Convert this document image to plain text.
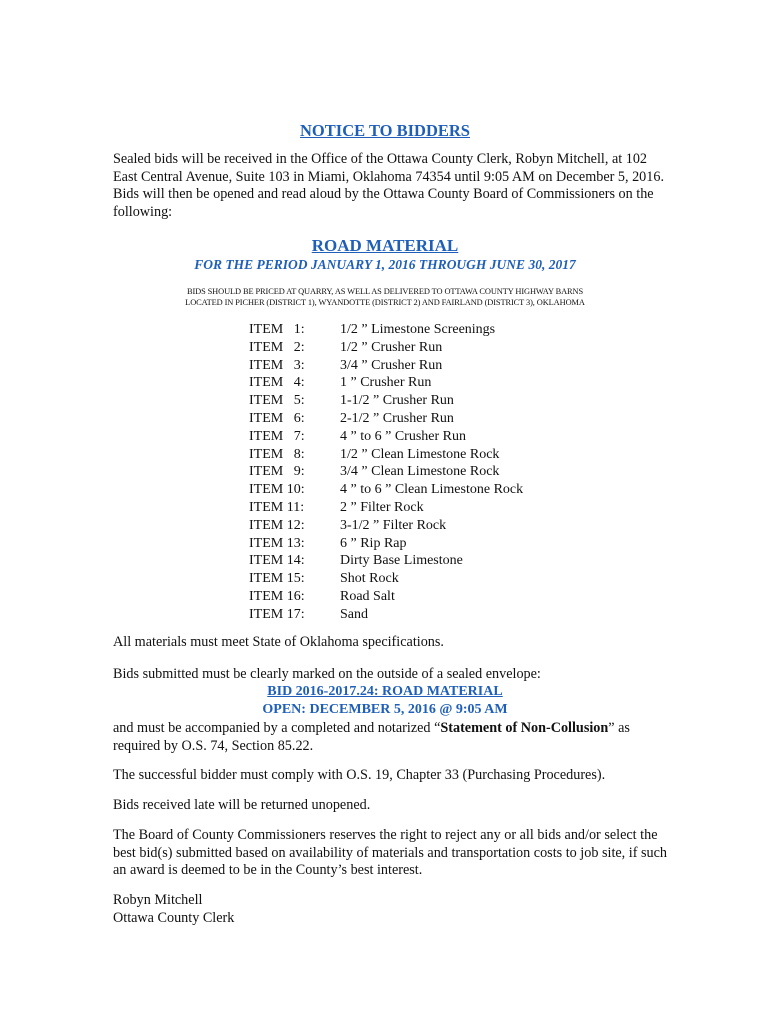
NOTICE TO BIDDERS
Sealed bids will be received in the Office of the Ottawa County Clerk, Robyn Mitchell, at 102 East Central Avenue, Suite 103 in Miami, Oklahoma 74354 until 9:05 AM on December 5, 2016. Bids will then be opened and read aloud by the Ottawa County Board of Commissioners on the following:
ROAD MATERIAL
FOR THE PERIOD JANUARY 1, 2016 THROUGH JUNE 30, 2017
BIDS SHOULD BE PRICED AT QUARRY, AS WELL AS DELIVERED TO OTTAWA COUNTY HIGHWAY BARNS
LOCATED IN PICHER (DISTRICT 1), WYANDOTTE (DISTRICT 2) AND FAIRLAND (DISTRICT 3), OKLAHOMA
ITEM   1:	1/2 ” Limestone Screenings
ITEM   2:	1/2 ” Crusher Run
ITEM   3:	3/4 ” Crusher Run
ITEM   4:	1 ” Crusher Run
ITEM   5:	1-1/2 ” Crusher Run
ITEM   6:	2-1/2 ” Crusher Run
ITEM   7:	4 ” to 6 ” Crusher Run
ITEM   8:	1/2 ” Clean Limestone Rock
ITEM   9:	3/4 ” Clean Limestone Rock
ITEM 10:	4 ” to 6 ” Clean Limestone Rock
ITEM 11:	2 ” Filter Rock
ITEM 12:	3-1/2 ” Filter Rock
ITEM 13:	6 ” Rip Rap
ITEM 14:	Dirty Base Limestone
ITEM 15:	Shot Rock
ITEM 16:	Road Salt
ITEM 17:	Sand
All materials must meet State of Oklahoma specifications.
Bids submitted must be clearly marked on the outside of a sealed envelope:
BID 2016-2017.24: ROAD MATERIAL
OPEN: DECEMBER 5, 2016 @ 9:05 AM
and must be accompanied by a completed and notarized “Statement of Non-Collusion” as required by O.S. 74, Section 85.22.
The successful bidder must comply with O.S. 19, Chapter 33 (Purchasing Procedures).
Bids received late will be returned unopened.
The Board of County Commissioners reserves the right to reject any or all bids and/or select the best bid(s) submitted based on availability of materials and transportation costs to job site, if such an award is deemed to be in the County’s best interest.
Robyn Mitchell
Ottawa County Clerk
